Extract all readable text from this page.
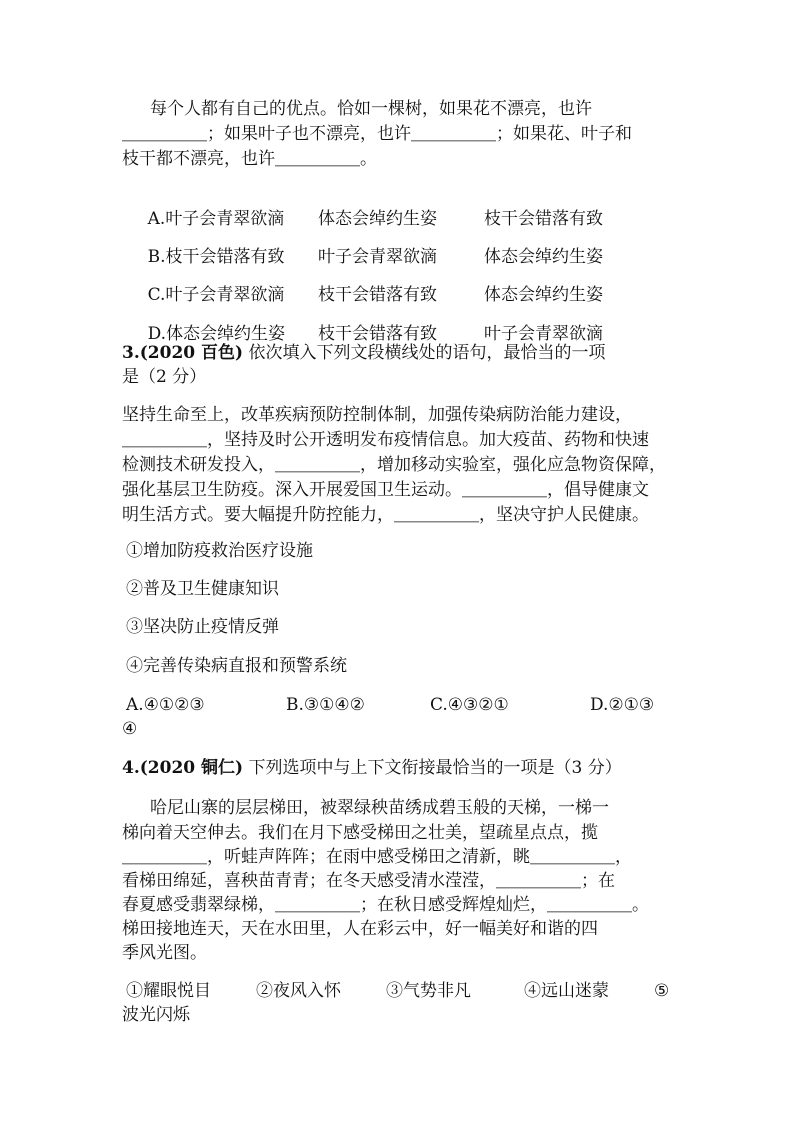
每个人都有自己的优点。恰如一棵树，如果花不漂亮，也许
＿＿＿＿＿；如果叶子也不漂亮，也许＿＿＿＿＿；如果花、叶子和
枝干都不漂亮，也许＿＿＿＿＿。

A.叶子会青翠欲滴 体态会绰约生姿	枝干会错落有致

B.枝干会错落有致 叶子会青翠欲滴	体态会绰约生姿

C.叶子会青翠欲滴 枝干会错落有致	体态会绰约生姿

D.体态会绰约生姿 枝干会错落有致	叶子会青翠欲滴

3.(2020 百色) 依次填入下列文段横线处的语句，最恰当的一项
是（2 分）
坚持生命至上，改革疾病预防控制体制，加强传染病防治能力建设，
＿＿＿＿＿，坚持及时公开透明发布疫情信息。加大疫苗、药物和快速
检测技术研发投入，＿＿＿＿＿，增加移动实验室，强化应急物资保障，
强化基层卫生防疫。深入开展爱国卫生运动。＿＿＿＿＿，倡导健康文
明生活方式。要大幅提升防控能力，＿＿＿＿＿，坚决守护人民健康。
①增加防疫救治医疗设施
②普及卫生健康知识
③坚决防止疫情反弹
④完善传染病直报和预警系统
A.④①②③	B.③①④②	C.④③②①	D.②①③
④
4.(2020 铜仁) 下列选项中与上下文衔接最恰当的一项是（3 分）
哈尼山寨的层层梯田，被翠绿秧苗绣成碧玉般的天梯，一梯一
梯向着天空伸去。我们在月下感受梯田之壮美，望疏星点点，揽
＿＿＿＿＿，听蛙声阵阵；在雨中感受梯田之清新，眺＿＿＿＿＿，
看梯田绵延，喜秧苗青青；在冬天感受清水滢滢，＿＿＿＿＿；在
春夏感受翡翠绿梯，＿＿＿＿＿；在秋日感受辉煌灿烂，＿＿＿＿＿。
梯田接地连天，天在水田里，人在彩云中，好一幅美好和谐的四
季风光图。
①耀眼悦目	②夜风入怀	③气势非凡	④远山迷蒙	⑤
波光闪烁
